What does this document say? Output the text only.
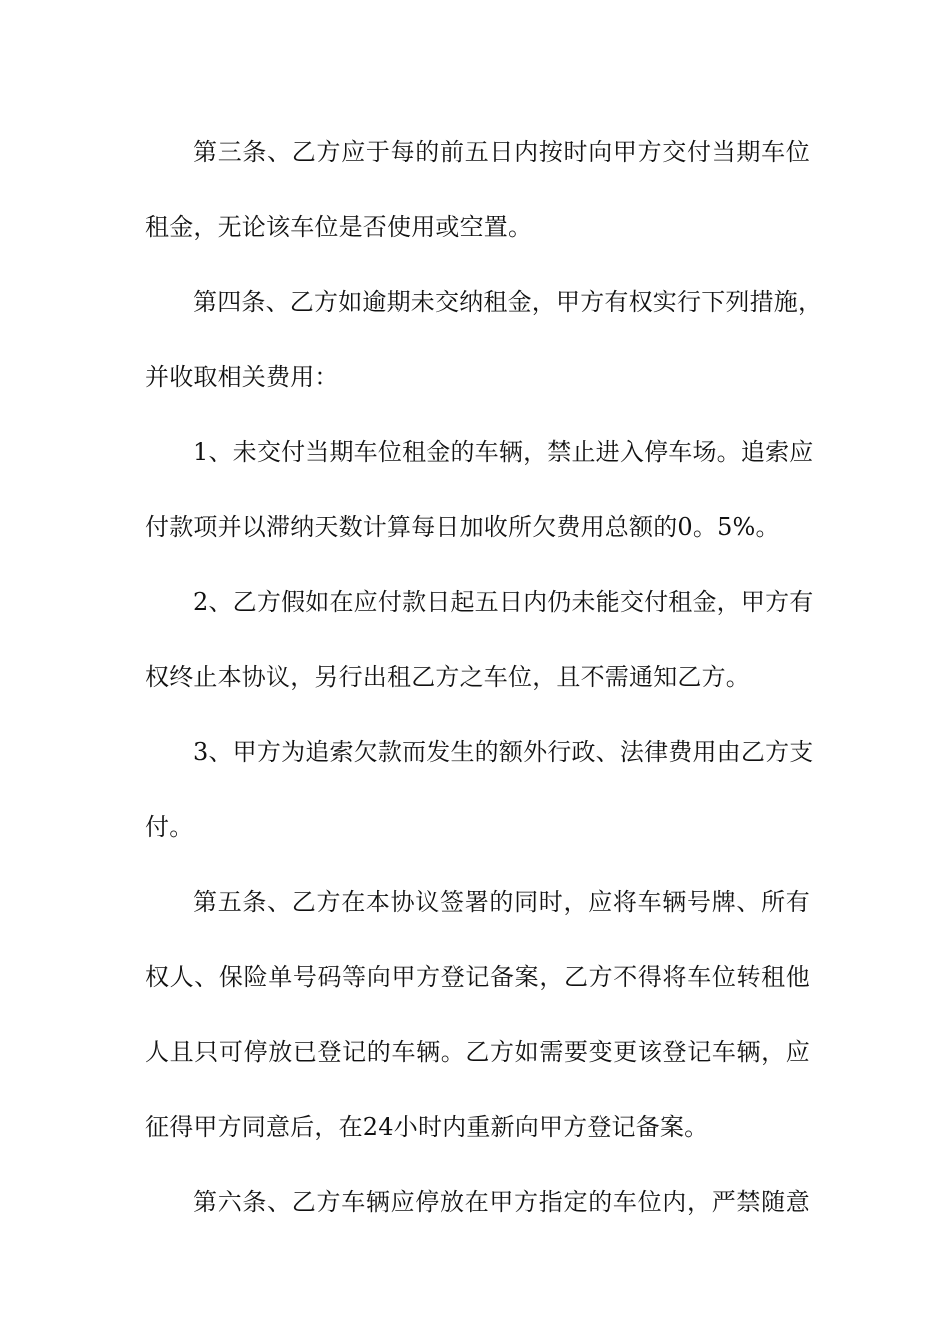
第三条、乙方应于每的前五日内按时向甲方交付当期车位
租金，无论该车位是否使用或空置。
第四条、乙方如逾期未交纳租金，甲方有权实行下列措施，
并收取相关费用：
1、未交付当期车位租金的车辆，禁止进入停车场。追索应
付款项并以滞纳天数计算每日加收所欠费用总额的0。5%。
2、乙方假如在应付款日起五日内仍未能交付租金，甲方有
权终止本协议，另行出租乙方之车位，且不需通知乙方。
3、甲方为追索欠款而发生的额外行政、法律费用由乙方支
付。
第五条、乙方在本协议签署的同时，应将车辆号牌、所有
权人、保险单号码等向甲方登记备案，乙方不得将车位转租他
人且只可停放已登记的车辆。乙方如需要变更该登记车辆，应
征得甲方同意后，在24小时内重新向甲方登记备案。
第六条、乙方车辆应停放在甲方指定的车位内，严禁随意
